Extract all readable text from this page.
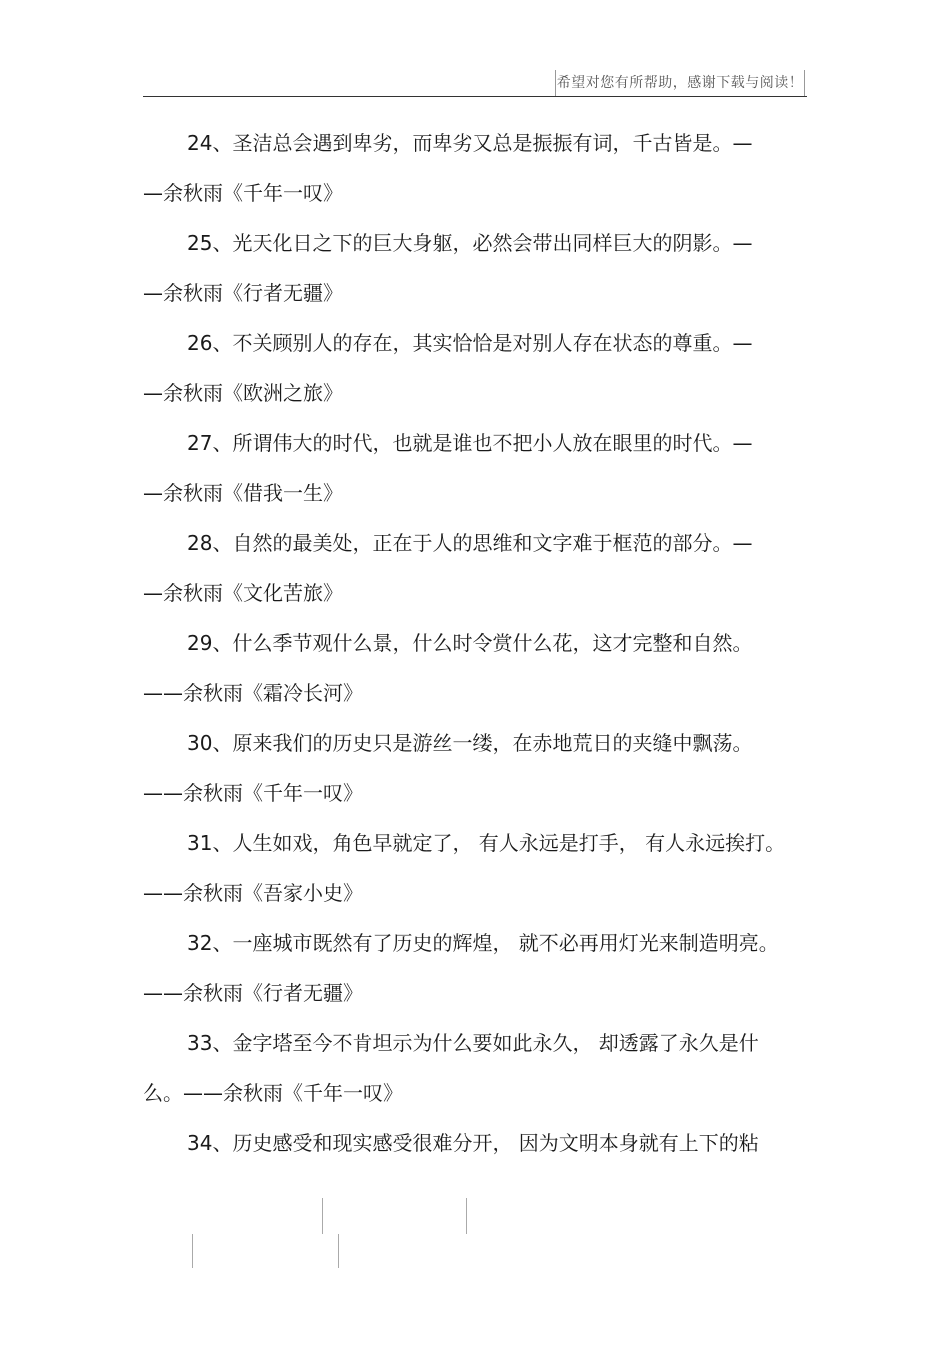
希望对您有所帮助，感谢下载与阅读！
24、圣洁总会遇到卑劣，而卑劣又总是振振有词，千古皆是。—
—余秋雨《千年一叹》
25、光天化日之下的巨大身躯，必然会带出同样巨大的阴影。—
—余秋雨《行者无疆》
26、不关顾别人的存在，其实恰恰是对别人存在状态的尊重。—
—余秋雨《欧洲之旅》
27、所谓伟大的时代，也就是谁也不把小人放在眼里的时代。—
—余秋雨《借我一生》
28、自然的最美处，正在于人的思维和文字难于框范的部分。—
—余秋雨《文化苦旅》
29、什么季节观什么景，什么时令赏什么花，这才完整和自然。
——余秋雨《霜冷长河》
30、原来我们的历史只是游丝一缕，在赤地荒日的夹缝中飘荡。
——余秋雨《千年一叹》
31、人生如戏，角色早就定了， 有人永远是打手， 有人永远挨打。
——余秋雨《吾家小史》
32、一座城市既然有了历史的辉煌， 就不必再用灯光来制造明亮。
——余秋雨《行者无疆》
33、金字塔至今不肯坦示为什么要如此永久， 却透露了永久是什
么。——余秋雨《千年一叹》
34、历史感受和现实感受很难分开， 因为文明本身就有上下的粘
